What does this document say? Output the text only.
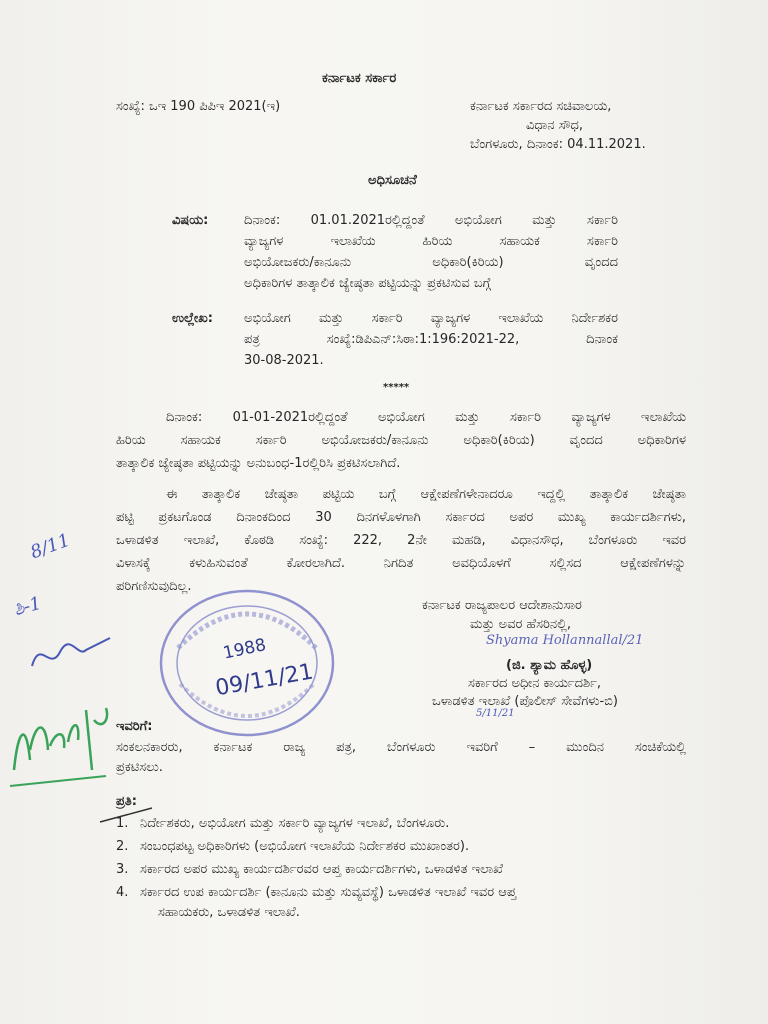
ಕರ್ನಾಟಕ ಸರ್ಕಾರ
ಸಂಖ್ಯೆ: ಒಇ 190 ಪಿಪಿಇ 2021(ಇ)	ಕರ್ನಾಟಕ ಸರ್ಕಾರದ ಸಚಿವಾಲಯ,
ವಿಧಾನ ಸೌಧ,
ಬೆಂಗಳೂರು, ದಿನಾಂಕ: 04.11.2021.
ಅಧಿಸೂಚನೆ
ವಿಷಯ:	ದಿನಾಂಕ: 01.01.2021ರಲ್ಲಿದ್ದಂತೆ ಅಭಿಯೋಗ ಮತ್ತು ಸರ್ಕಾರಿ
ವ್ಯಾಜ್ಯಗಳ ಇಲಾಖೆಯ ಹಿರಿಯ ಸಹಾಯಕ ಸರ್ಕಾರಿ
ಅಭಿಯೋಜಕರು/ಕಾನೂನು ಅಧಿಕಾರಿ(ಕಿರಿಯ) ವೃಂದದ
ಅಧಿಕಾರಿಗಳ ತಾತ್ಕಾಲಿಕ ಜ್ಯೇಷ್ಠತಾ ಪಟ್ಟಿಯನ್ನು ಪ್ರಕಟಿಸುವ ಬಗ್ಗೆ
ಉಲ್ಲೇಖ: ಅಭಿಯೋಗ ಮತ್ತು ಸರ್ಕಾರಿ ವ್ಯಾಜ್ಯಗಳ ಇಲಾಖೆಯ ನಿರ್ದೇಶಕರ
ಪತ್ರ ಸಂಖ್ಯೆ:ಡಿಪಿಎನ್:ಸಿಠಾ:1:196:2021-22, ದಿನಾಂಕ
30-08-2021.
*****
ದಿನಾಂಕ: 01-01-2021ರಲ್ಲಿದ್ದಂತೆ ಅಭಿಯೋಗ ಮತ್ತು ಸರ್ಕಾರಿ ವ್ಯಾಜ್ಯಗಳ ಇಲಾಖೆಯ
ಹಿರಿಯ ಸಹಾಯಕ ಸರ್ಕಾರಿ ಅಭಿಯೋಜಕರು/ಕಾನೂನು ಅಧಿಕಾರಿ(ಕಿರಿಯ) ವೃಂದದ ಅಧಿಕಾರಿಗಳ
ತಾತ್ಕಾಲಿಕ ಜ್ಯೇಷ್ಠತಾ ಪಟ್ಟಿಯನ್ನು ಅನುಬಂಧ-1ರಲ್ಲಿರಿಸಿ ಪ್ರಕಟಿಸಲಾಗಿದೆ.
ಈ ತಾತ್ಕಾಲಿಕ ಜೇಷ್ಠತಾ ಪಟ್ಟಿಯ ಬಗ್ಗೆ ಆಕ್ಷೇಪಣೆಗಳೇನಾದರೂ ಇದ್ದಲ್ಲಿ ತಾತ್ಕಾಲಿಕ ಜೇಷ್ಠತಾ
ಪಟ್ಟಿ ಪ್ರಕಟಗೊಂಡ ದಿನಾಂಕದಿಂದ 30 ದಿನಗಳೊಳಗಾಗಿ ಸರ್ಕಾರದ ಅಪರ ಮುಖ್ಯ ಕಾರ್ಯದರ್ಶಿಗಳು,
ಒಳಾಡಳಿತ ಇಲಾಖೆ, ಕೊಠಡಿ ಸಂಖ್ಯೆ: 222, 2ನೇ ಮಹಡಿ, ವಿಧಾನಸೌಧ, ಬೆಂಗಳೂರು ಇವರ
ವಿಳಾಸಕ್ಕೆ ಕಳುಹಿಸುವಂತೆ ಕೋರಲಾಗಿದೆ. ನಿಗದಿತ ಅವಧಿಯೊಳಗೆ ಸಲ್ಲಿಸದ ಆಕ್ಷೇಪಣೆಗಳನ್ನು
ಪರಿಗಣಿಸುವುದಿಲ್ಲ.
ಕರ್ನಾಟಕ ರಾಜ್ಯಪಾಲರ ಆದೇಶಾನುಸಾರ
ಮತ್ತು ಅವರ ಹೆಸರಿನಲ್ಲಿ,
Shyama Hollannallal/21
(ಜಿ. ಶ್ಯಾಮ ಹೊಳ್ಳ)
ಸರ್ಕಾರದ ಅಧೀನ ಕಾರ್ಯದರ್ಶಿ,
ಒಳಾಡಳಿತ ಇಲಾಖೆ (ಪೊಲೀಸ್ ಸೇವೆಗಳು-ಬಿ)
1988
09/11/21
8/11
ಶಿ-1
5/11/21
ಇವರಿಗೆ:
ಸಂಕಲನಕಾರರು, ಕರ್ನಾಟಕ ರಾಜ್ಯ ಪತ್ರ, ಬೆಂಗಳೂರು ಇವರಿಗೆ – ಮುಂದಿನ ಸಂಚಿಕೆಯಲ್ಲಿ
ಪ್ರಕಟಿಸಲು.
ಪ್ರತಿ:
1. ನಿರ್ದೇಶಕರು, ಅಭಿಯೋಗ ಮತ್ತು ಸರ್ಕಾರಿ ವ್ಯಾಜ್ಯಗಳ ಇಲಾಖೆ, ಬೆಂಗಳೂರು.
2. ಸಂಬಂಧಪಟ್ಟ ಅಧಿಕಾರಿಗಳು (ಅಭಿಯೋಗ ಇಲಾಖೆಯ ನಿರ್ದೇಶಕರ ಮುಖಾಂತರ).
3. ಸರ್ಕಾರದ ಅಪರ ಮುಖ್ಯ ಕಾರ್ಯದರ್ಶಿರವರ ಆಪ್ತ ಕಾರ್ಯದರ್ಶಿಗಳು, ಒಳಾಡಳಿತ ಇಲಾಖೆ
4. ಸರ್ಕಾರದ ಉಪ ಕಾರ್ಯದರ್ಶಿ (ಕಾನೂನು ಮತ್ತು ಸುವ್ಯವಸ್ಥೆ) ಒಳಾಡಳಿತ ಇಲಾಖೆ ಇವರ ಆಪ್ತ
ಸಹಾಯಕರು, ಒಳಾಡಳಿತ ಇಲಾಖೆ.
